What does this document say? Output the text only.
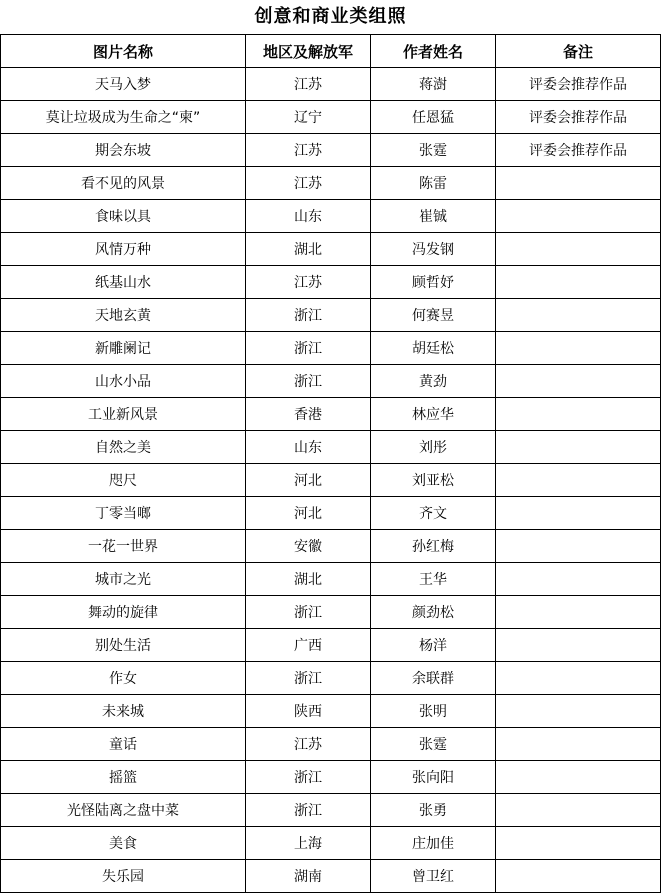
创意和商业类组照
图片名称	地区及解放军	作者姓名	备注
天马入梦	江苏	蒋澍	评委会推荐作品
莫让垃圾成为生命之“柬”	辽宁	任恩猛	评委会推荐作品
期会东坡	江苏	张霆	评委会推荐作品
看不见的风景	江苏	陈雷	
食味以具	山东	崔铖	
风情万种	湖北	冯发钢	
纸基山水	江苏	顾哲妤	
天地玄黄	浙江	何赛昱	
新雕阑记	浙江	胡廷松	
山水小品	浙江	黄劲	
工业新风景	香港	林应华	
自然之美	山东	刘彤	
咫尺	河北	刘亚松	
丁零当啷	河北	齐文	
一花一世界	安徽	孙红梅	
城市之光	湖北	王华	
舞动的旋律	浙江	颜劲松	
别处生活	广西	杨洋	
作女	浙江	余联群	
未来城	陕西	张明	
童话	江苏	张霆	
摇篮	浙江	张向阳	
光怪陆离之盘中菜	浙江	张勇	
美食	上海	庄加佳	
失乐园	湖南	曾卫红	
